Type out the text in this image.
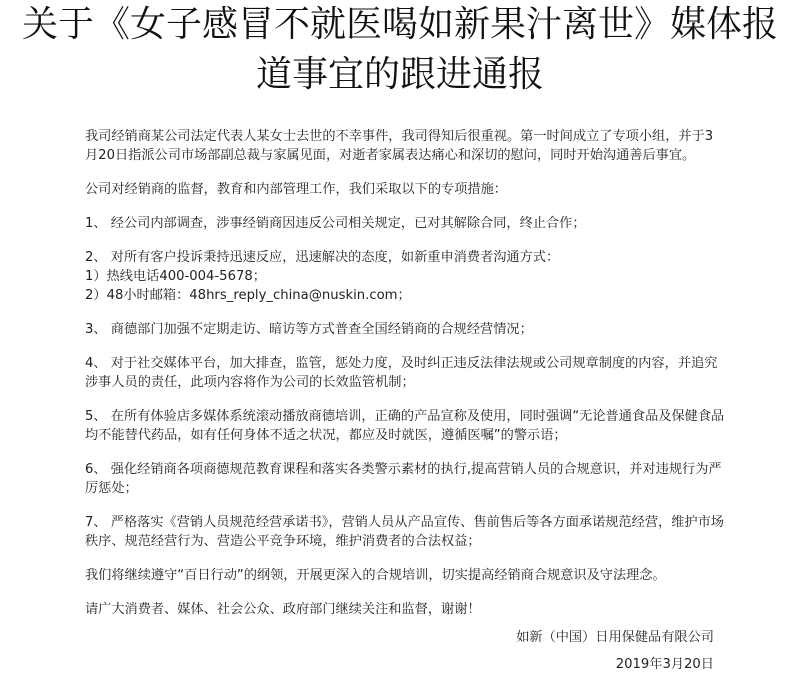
关于《女子感冒不就医喝如新果汁离世》媒体报
道事宜的跟进通报

我司经销商某公司法定代表人某女士去世的不幸事件，我司得知后很重视。第一时间成立了专项小组，并于3月20日指派公司市场部副总裁与家属见面，对逝者家属表达痛心和深切的慰问，同时开始沟通善后事宜。

公司对经销商的监督，教育和内部管理工作，我们采取以下的专项措施：

1、 经公司内部调查，涉事经销商因违反公司相关规定，已对其解除合同，终止合作；

2、 对所有客户投诉秉持迅速反应，迅速解决的态度，如新重申消费者沟通方式：

1）热线电话400-004-5678；

2）48小时邮箱：48hrs_reply_china@nuskin.com；

3、 商德部门加强不定期走访、暗访等方式普查全国经销商的合规经营情况；

4、 对于社交媒体平台，加大排查，监管，惩处力度，及时纠正违反法律法规或公司规章制度的内容，并追究涉事人员的责任，此项内容将作为公司的长效监管机制；

5、 在所有体验店多媒体系统滚动播放商德培训，正确的产品宣称及使用，同时强调“无论普通食品及保健食品均不能替代药品，如有任何身体不适之状况，都应及时就医，遵循医嘱”的警示语；

6、 强化经销商各项商德规范教育课程和落实各类警示素材的执行,提高营销人员的合规意识，并对违规行为严厉惩处；

7、 严格落实《营销人员规范经营承诺书》，营销人员从产品宣传、售前售后等各方面承诺规范经营，维护市场秩序、规范经营行为、营造公平竞争环境，维护消费者的合法权益；

我们将继续遵守“百日行动”的纲领，开展更深入的合规培训，切实提高经销商合规意识及守法理念。

请广大消费者、媒体、社会公众、政府部门继续关注和监督，谢谢！

如新（中国）日用保健品有限公司
2019年3月20日
